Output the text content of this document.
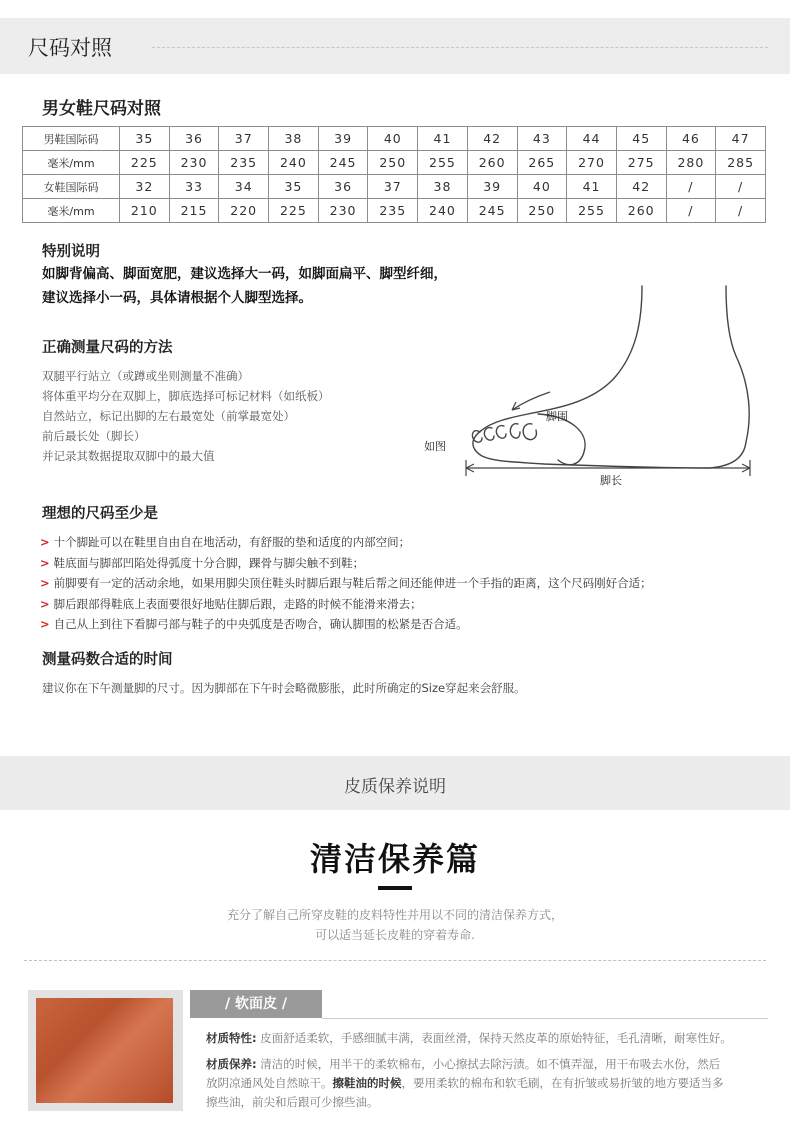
尺码对照
男女鞋尺码对照
男鞋国际码	35	36	37	38	39	40	41	42	43	44	45	46	47
毫米/mm	225	230	235	240	245	250	255	260	265	270	275	280	285
女鞋国际码	32	33	34	35	36	37	38	39	40	41	42	/	/
毫米/mm	210	215	220	225	230	235	240	245	250	255	260	/	/
特别说明
如脚背偏高、脚面宽肥，建议选择大一码，如脚面扁平、脚型纤细，
建议选择小一码，具体请根据个人脚型选择。
正确测量尺码的方法
双腿平行站立（或蹲或坐则测量不准确）
将体重平均分在双脚上，脚底选择可标记材料（如纸板）
自然站立，标记出脚的左右最宽处（前掌最宽处）
前后最长处（脚长）
并记录其数据提取双脚中的最大值
脚围
如图
脚长
理想的尺码至少是
> 十个脚趾可以在鞋里自由自在地活动，有舒服的垫和适度的内部空间；
> 鞋底面与脚部凹陷处得弧度十分合脚，踝骨与脚尖触不到鞋；
> 前脚要有一定的活动余地，如果用脚尖顶住鞋头时脚后跟与鞋后帮之间还能伸进一个手指的距离，这个尺码刚好合适；
> 脚后跟部得鞋底上表面要很好地贴住脚后跟，走路的时候不能滑来滑去；
> 自己从上到往下看脚弓部与鞋子的中央弧度是否吻合，确认脚围的松紧是否合适。
测量码数合适的时间
建议你在下午测量脚的尺寸。因为脚部在下午时会略微膨胀，此时所确定的Size穿起来会舒服。
皮质保养说明
清洁保养篇
充分了解自己所穿皮鞋的皮料特性并用以不同的清洁保养方式，
可以适当延长皮鞋的穿着寿命.
/ 软面皮 /
材质特性: 皮面舒适柔软，手感细腻丰满，表面丝滑，保持天然皮革的原始特征，毛孔清晰，耐寒性好。
材质保养: 清洁的时候，用半干的柔软棉布，小心擦拭去除污渍。如不慎弄湿，用干布吸去水份，然后
放阴凉通风处自然晾干。擦鞋油的时候，要用柔软的棉布和软毛刷，在有折皱或易折皱的地方要适当多
擦些油，前尖和后跟可少擦些油。
